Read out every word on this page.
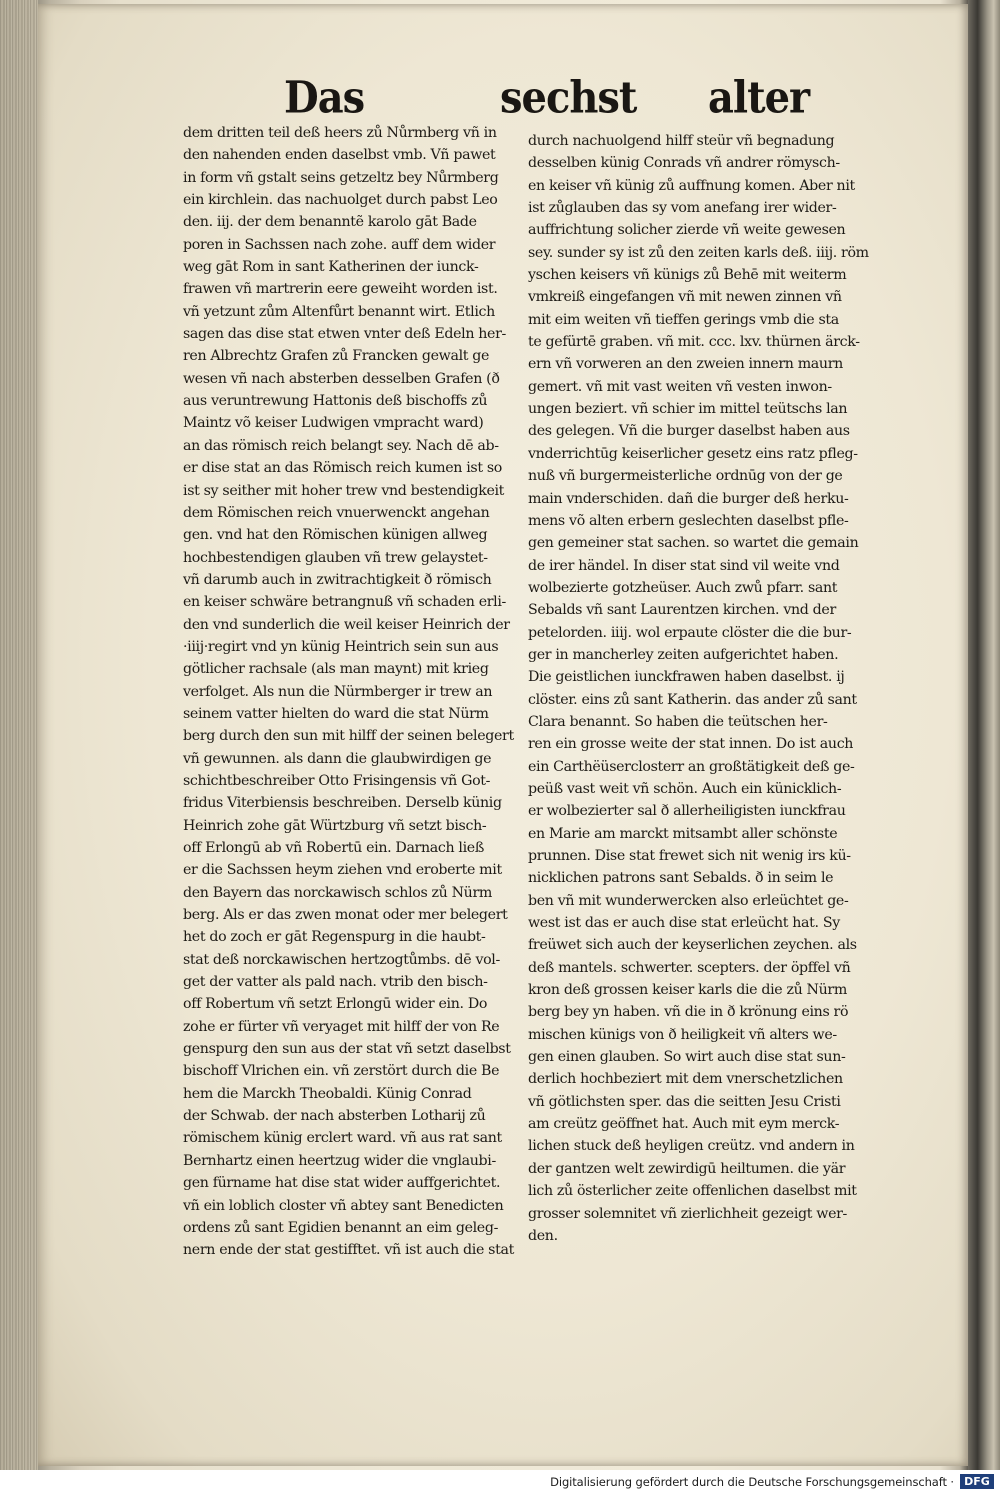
Das	sechst alter
dem dritten teil deß heers zů Nůrmberg vñ in
den nahenden enden daselbst vmb. Vñ pawet
in form vñ gstalt seins getzeltz bey Nůrmberg
ein kirchlein. das nachuolget durch pabst Leo
den. iij. der dem benanntẽ karolo gāt Bade
poren in Sachssen nach zohe. auff dem wider
weg gāt Rom in sant Katherinen der iunck-
frawen vñ martrerin eere geweiht worden ist.
vñ yetzunt zům Altenfůrt benannt wirt. Etlich
sagen das dise stat etwen vnter deß Edeln her-
ren Albrechtz Grafen zů Francken gewalt ge
wesen vñ nach absterben desselben Grafen (ð
aus veruntrewung Hattonis deß bischoffs zů
Maintz võ keiser Ludwigen vmpracht ward)
an das römisch reich belangt sey. Nach dē ab-
er dise stat an das Römisch reich kumen ist so
ist sy seither mit hoher trew vnd bestendigkeit
dem Römischen reich vnuerwenckt angehan
gen. vnd hat den Römischen künigen allweg
hochbestendigen glauben vñ trew gelaystet-
vñ darumb auch in zwitrachtigkeit ð römisch
en keiser schwäre betrangnuß vñ schaden erli-
den vnd sunderlich die weil keiser Heinrich der
·iiij·regirt vnd yn künig Heintrich sein sun aus
götlicher rachsale (als man maynt) mit krieg
verfolget. Als nun die Nürmberger ir trew an
seinem vatter hielten do ward die stat Nürm
berg durch den sun mit hilff der seinen belegert
vñ gewunnen. als dann die glaubwirdigen ge
schichtbeschreiber Otto Frisingensis vñ Got-
fridus Viterbiensis beschreiben. Derselb künig
Heinrich zohe gāt Würtzburg vñ setzt bisch-
off Erlongū ab vñ Robertū ein. Darnach ließ
er die Sachssen heym ziehen vnd eroberte mit
den Bayern das norckawisch schlos zů Nürm
berg. Als er das zwen monat oder mer belegert
het do zoch er gāt Regenspurg in die haubt-
stat deß norckawischen hertzogtůmbs. dē vol-
get der vatter als pald nach. vtrib den bisch-
off Robertum vñ setzt Erlongū wider ein. Do
zohe er fürter vñ veryaget mit hilff der von Re
genspurg den sun aus der stat vñ setzt daselbst
bischoff Vlrichen ein. vñ zerstört durch die Be
hem die Marckh Theobaldi. Künig Conrad
der Schwab. der nach absterben Lotharij zů
römischem künig erclert ward. vñ aus rat sant
Bernhartz einen heertzug wider die vnglaubi-
gen fürname hat dise stat wider auffgerichtet.
vñ ein loblich closter vñ abtey sant Benedicten
ordens zů sant Egidien benannt an eim geleg-
nern ende der stat gestifftet. vñ ist auch die stat
durch nachuolgend hilff steür vñ begnadung
desselben künig Conrads vñ andrer römysch-
en keiser vñ künig zů auffnung komen. Aber nit
ist zůglauben das sy vom anefang irer wider-
auffrichtung solicher zierde vñ weite gewesen
sey. sunder sy ist zů den zeiten karls deß. iiij. röm
yschen keisers vñ künigs zů Behē mit weiterm
vmkreiß eingefangen vñ mit newen zinnen vñ
mit eim weiten vñ tieffen gerings vmb die sta
te gefürtē graben. vñ mit. ccc. lxv. thürnen ärck-
ern vñ vorweren an den zweien innern maurn
gemert. vñ mit vast weiten vñ vesten inwon-
ungen beziert. vñ schier im mittel teütschs lan
des gelegen. Vñ die burger daselbst haben aus
vnderrichtūg keiserlicher gesetz eins ratz pfleg-
nuß vñ burgermeisterliche ordnūg von der ge
main vnderschiden. dañ die burger deß herku-
mens võ alten erbern geslechten daselbst pfle-
gen gemeiner stat sachen. so wartet die gemain
de irer händel. In diser stat sind vil weite vnd
wolbezierte gotzheüser. Auch zwů pfarr. sant
Sebalds vñ sant Laurentzen kirchen. vnd der
petelorden. iiij. wol erpaute clöster die die bur-
ger in mancherley zeiten aufgerichtet haben.
Die geistlichen iunckfrawen haben daselbst. ij
clöster. eins zů sant Katherin. das ander zů sant
Clara benannt. So haben die teütschen her-
ren ein grosse weite der stat innen. Do ist auch
ein Carthëüserclosterr an großtätigkeit deß ge-
peüß vast weit vñ schön. Auch ein künicklich-
er wolbezierter sal ð allerheiligisten iunckfrau
en Marie am marckt mitsambt aller schönste
prunnen. Dise stat frewet sich nit wenig irs kü-
nicklichen patrons sant Sebalds. ð in seim le
ben vñ mit wunderwercken also erleüchtet ge-
west ist das er auch dise stat erleücht hat. Sy
freüwet sich auch der keyserlichen zeychen. als
deß mantels. schwerter. scepters. der öpffel vñ
kron deß grossen keiser karls die die zů Nürm
berg bey yn haben. vñ die in ð krönung eins rö
mischen künigs von ð heiligkeit vñ alters we-
gen einen glauben. So wirt auch dise stat sun-
derlich hochbeziert mit dem vnerschetzlichen
vñ götlichsten sper. das die seitten Jesu Cristi
am creütz geöffnet hat. Auch mit eym merck-
lichen stuck deß heyligen creütz. vnd andern in
der gantzen welt zewirdigū heiltumen. die yär
lich zů österlicher zeite offenlichen daselbst mit
grosser solemnitet vñ zierlichheit gezeigt wer-
den.
Digitalisierung gefördert durch die Deutsche Forschungsgemeinschaft · DFG
